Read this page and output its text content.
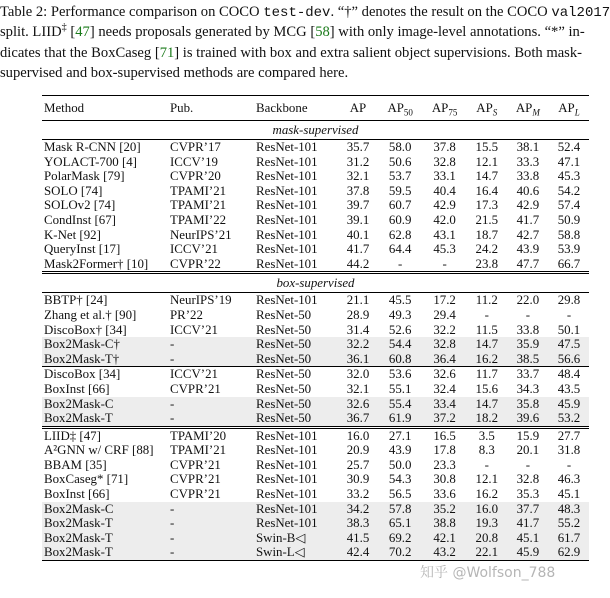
Table 2: Performance comparison on COCO test-dev. “†” denotes the result on the COCO val2017
split. LIID‡ [47] needs proposals generated by MCG [58] with only image-level annotations. “*” in-
dicates that the BoxCaseg [71] is trained with box and extra salient object supervisions. Both mask-
supervised and box-supervised methods are compared here.
Method	Pub.	Backbone	AP	$AP_{50}$	$AP_{75}$	$AP_S$	$AP_M$	$AP_L$
mask-supervised								
Mask R-CNN [20]	CVPR’17	ResNet-101	35.7	58.0	37.8	15.5	38.1	52.4
YOLACT-700 [4]	ICCV’19	ResNet-101	31.2	50.6	32.8	12.1	33.3	47.1
PolarMask [79]	CVPR’20	ResNet-101	32.1	53.7	33.1	14.7	33.8	45.3
SOLO [74]	TPAMI’21	ResNet-101	37.8	59.5	40.4	16.4	40.6	54.2
SOLOv2 [74]	TPAMI’21	ResNet-101	39.7	60.7	42.9	17.3	42.9	57.4
CondInst [67]	TPAMI’22	ResNet-101	39.1	60.9	42.0	21.5	41.7	50.9
K-Net [92]	NeurIPS’21	ResNet-101	40.1	62.8	43.1	18.7	42.7	58.8
QueryInst [17]	ICCV’21	ResNet-101	41.7	64.4	45.3	24.2	43.9	53.9
Mask2Former† [10]	CVPR’22	ResNet-101	44.2	-	-	23.8	47.7	66.7
box-supervised								
BBTP† [24]	NeurIPS’19	ResNet-101	21.1	45.5	17.2	11.2	22.0	29.8
Zhang et al.† [90]	PR’22	ResNet-50	28.9	49.3	29.4	-	-	-
DiscoBox† [34]	ICCV’21	ResNet-50	31.4	52.6	32.2	11.5	33.8	50.1
Box2Mask-C†	-	ResNet-50	32.2	54.4	32.8	14.7	35.9	47.5
Box2Mask-T†	-	ResNet-50	36.1	60.8	36.4	16.2	38.5	56.6
DiscoBox [34]	ICCV’21	ResNet-50	32.0	53.6	32.6	11.7	33.7	48.4
BoxInst [66]	CVPR’21	ResNet-50	32.1	55.1	32.4	15.6	34.3	43.5
Box2Mask-C	-	ResNet-50	32.6	55.4	33.4	14.7	35.8	45.9
Box2Mask-T	-	ResNet-50	36.7	61.9	37.2	18.2	39.6	53.2
LIID‡ [47]	TPAMI’20	ResNet-101	16.0	27.1	16.5	3.5	15.9	27.7
A²GNN w/ CRF [88]	TPAMI’21	ResNet-101	20.9	43.9	17.8	8.3	20.1	31.8
BBAM [35]	CVPR’21	ResNet-101	25.7	50.0	23.3	-	-	-
BoxCaseg* [71]	CVPR’21	ResNet-101	30.9	54.3	30.8	12.1	32.8	46.3
BoxInst [66]	CVPR’21	ResNet-101	33.2	56.5	33.6	16.2	35.3	45.1
Box2Mask-C	-	ResNet-101	34.2	57.8	35.2	16.0	37.7	48.3
Box2Mask-T	-	ResNet-101	38.3	65.1	38.8	19.3	41.7	55.2
Box2Mask-T	-	Swin-B◁	41.5	69.2	42.1	20.8	45.1	61.7
Box2Mask-T	-	Swin-L◁	42.4	70.2	43.2	22.1	45.9	62.9
知乎 @Wolfson_788
